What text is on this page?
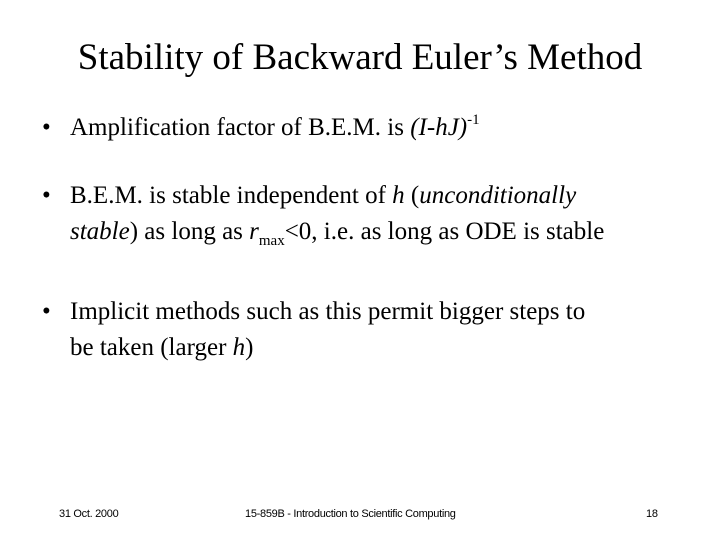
Stability of Backward Euler’s Method
• Amplification factor of B.E.M. is $(I-hJ)^{-1}$
• B.E.M. is stable independent of h (unconditionally
stable) as long as $r_{max}<0$, i.e. as long as ODE is stable
• Implicit methods such as this permit bigger steps to
be taken (larger h)
31 Oct. 2000	15-859B - Introduction to Scientific Computing	18
